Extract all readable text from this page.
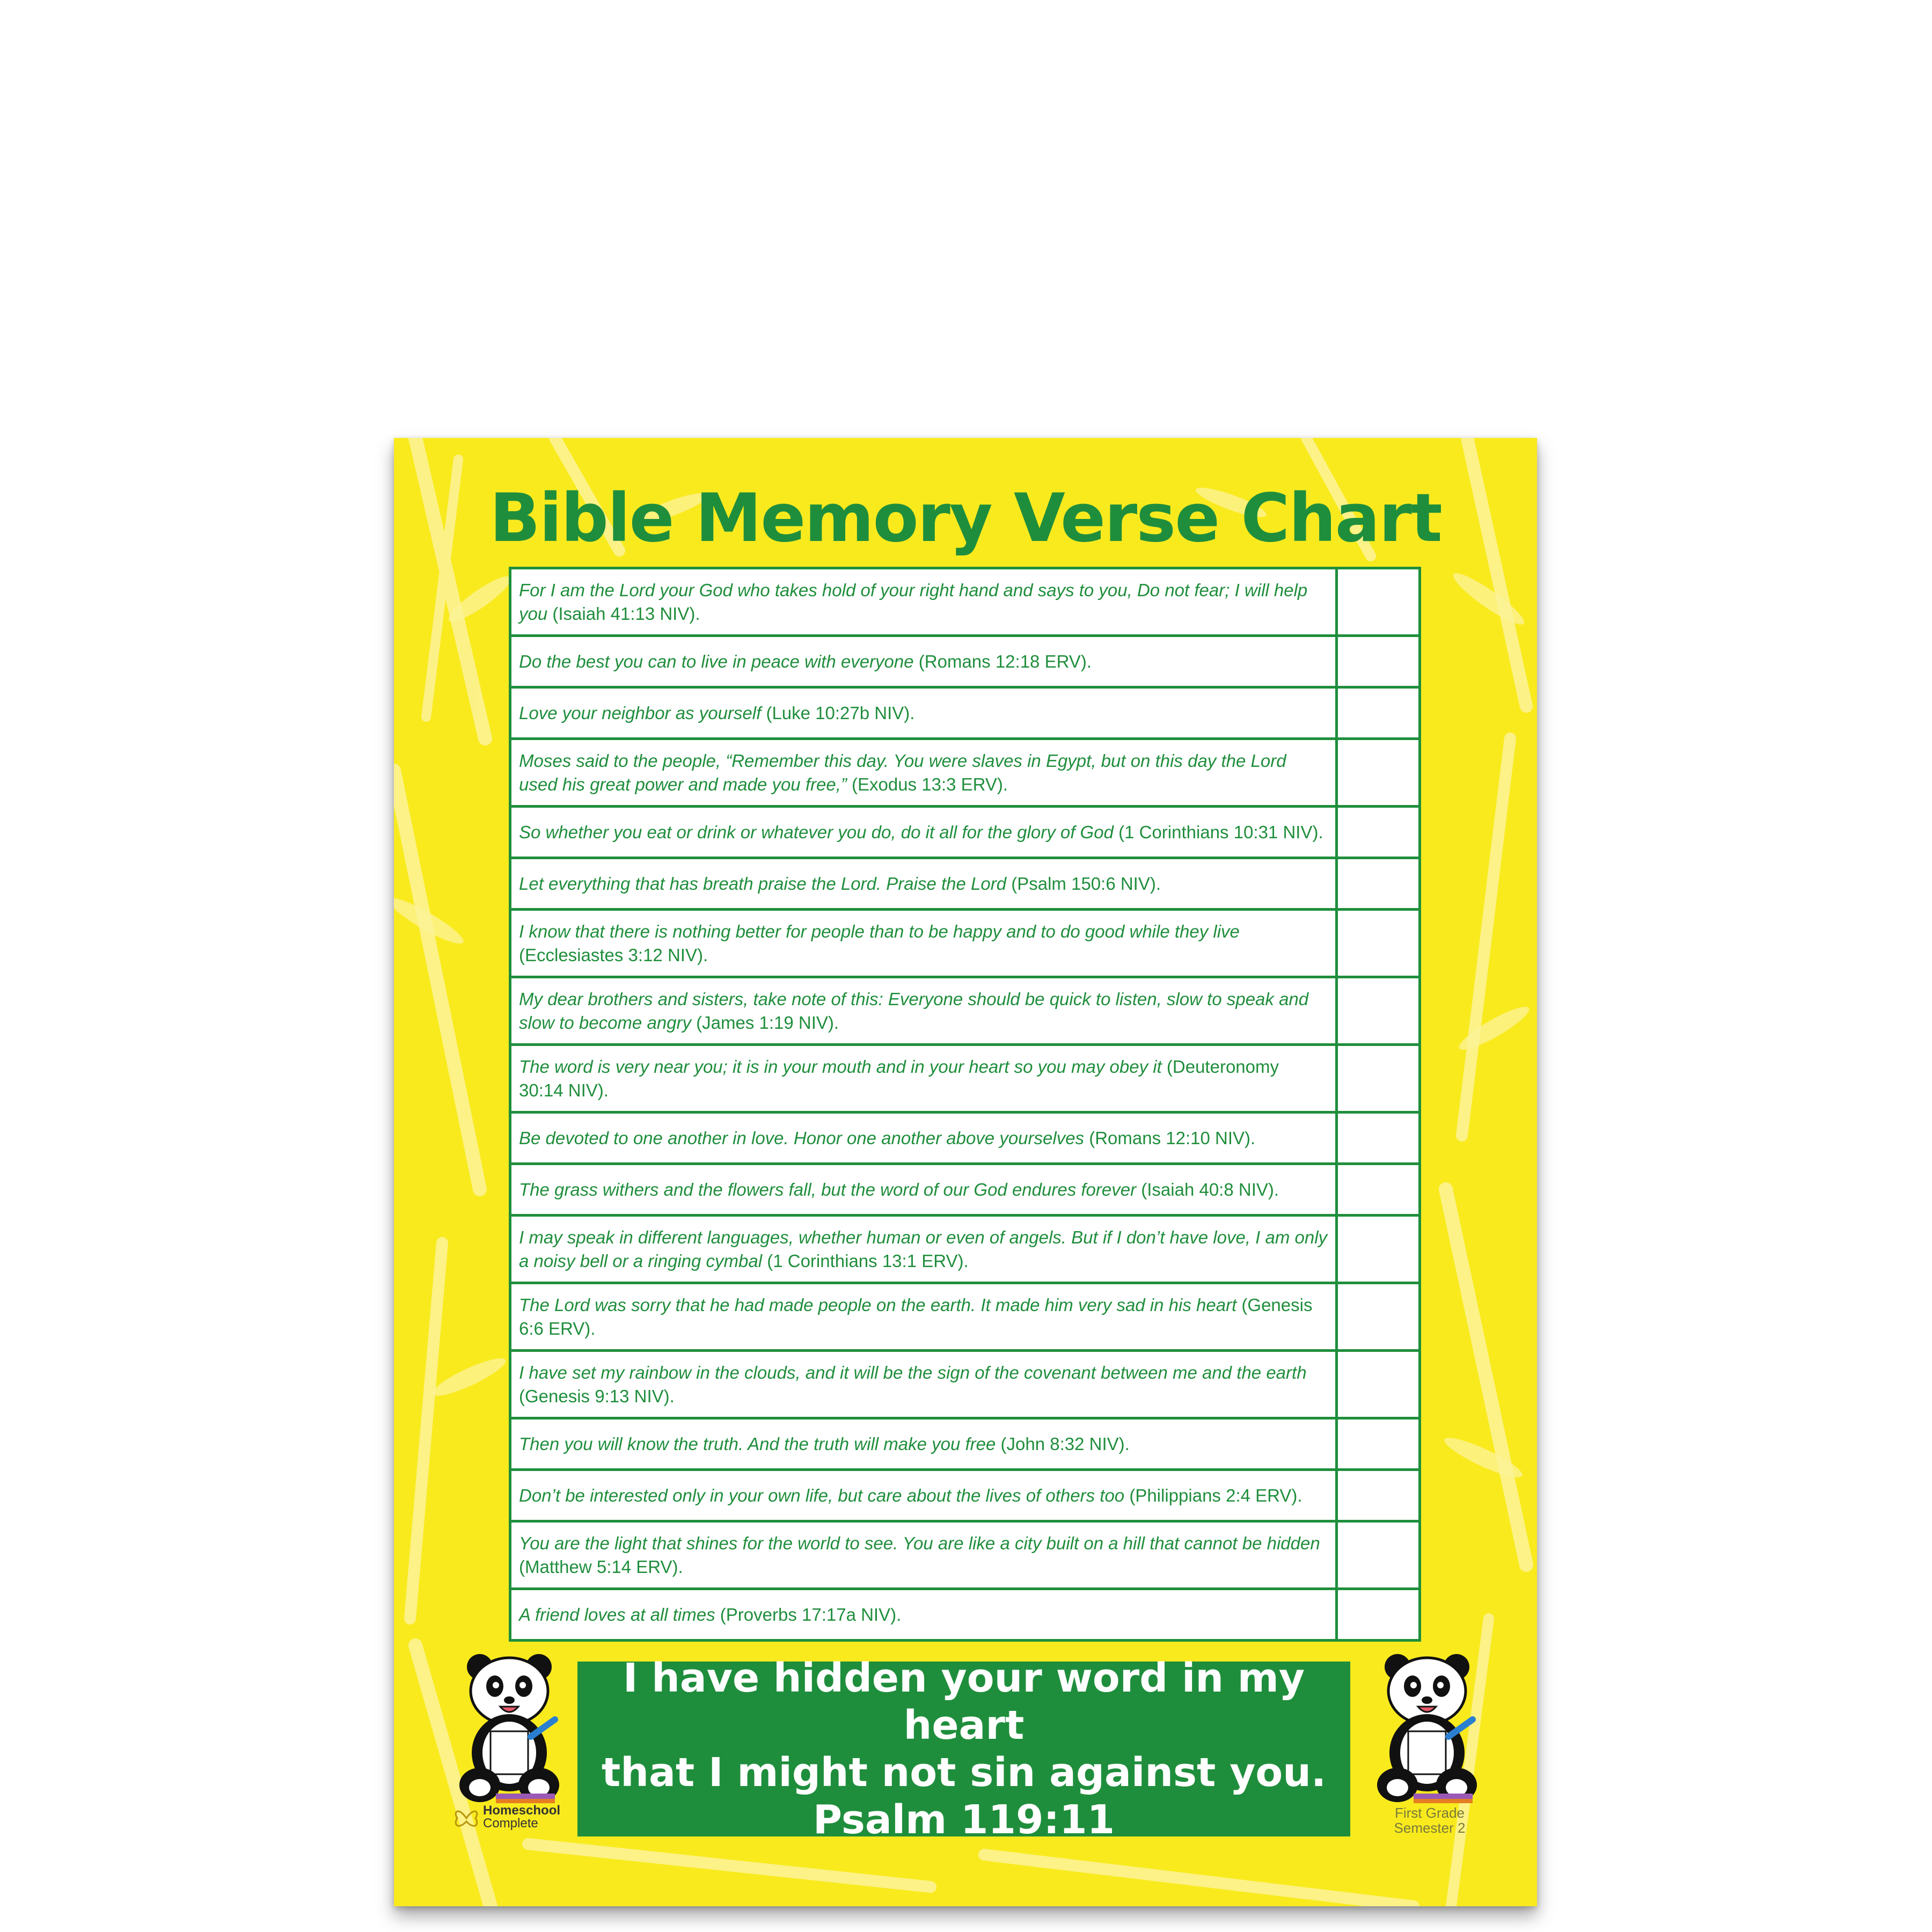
Bible Memory Verse Chart
For I am the Lord your God who takes hold of your right hand and says to you, Do not fear; I will help you (Isaiah 41:13 NIV).	
Do the best you can to live in peace with everyone (Romans 12:18 ERV).	
Love your neighbor as yourself (Luke 10:27b NIV).	
Moses said to the people, “Remember this day. You were slaves in Egypt, but on this day the Lord used his great power and made you free,” (Exodus 13:3 ERV).	
So whether you eat or drink or whatever you do, do it all for the glory of God (1 Corinthians 10:31 NIV).	
Let everything that has breath praise the Lord. Praise the Lord (Psalm 150:6 NIV).	
I know that there is nothing better for people than to be happy and to do good while they live (Ecclesiastes 3:12 NIV).	
My dear brothers and sisters, take note of this: Everyone should be quick to listen, slow to speak and slow to become angry (James 1:19 NIV).	
The word is very near you; it is in your mouth and in your heart so you may obey it (Deuteronomy 30:14 NIV).	
Be devoted to one another in love. Honor one another above yourselves (Romans 12:10 NIV).	
The grass withers and the flowers fall, but the word of our God endures forever (Isaiah 40:8 NIV).	
I may speak in different languages, whether human or even of angels. But if I don’t have love, I am only a noisy bell or a ringing cymbal (1 Corinthians 13:1 ERV).	
The Lord was sorry that he had made people on the earth. It made him very sad in his heart (Genesis 6:6 ERV).	
I have set my rainbow in the clouds, and it will be the sign of the covenant between me and the earth (Genesis 9:13 NIV).	
Then you will know the truth. And the truth will make you free (John 8:32 NIV).	
Don’t be interested only in your own life, but care about the lives of others too (Philippians 2:4 ERV).	
You are the light that shines for the world to see. You are like a city built on a hill that cannot be hidden (Matthew 5:14 ERV).	
A friend loves at all times (Proverbs 17:17a NIV).	
Homeschool
Complete
I have hidden your word in my heart
that I might not sin against you.
Psalm 119:11	First Grade
Semester 2
